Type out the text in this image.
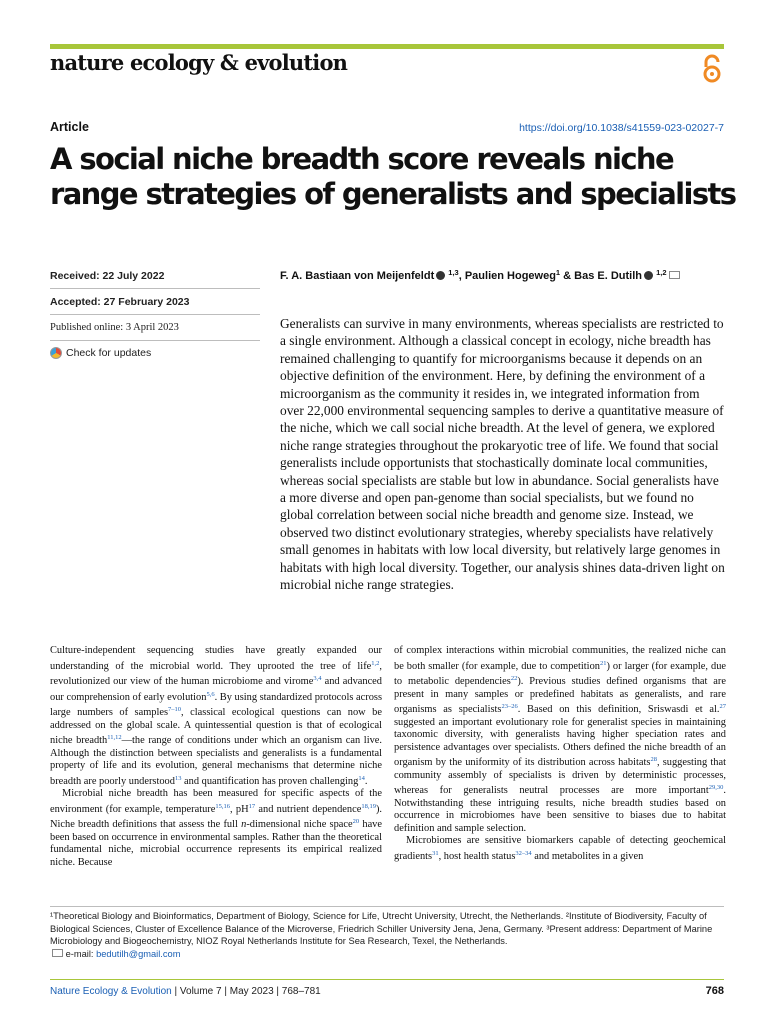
nature ecology & evolution
Article	https://doi.org/10.1038/s41559-023-02027-7
A social niche breadth score reveals niche range strategies of generalists and specialists
Received: 22 July 2022
Accepted: 27 February 2023
Published online: 3 April 2023
Check for updates
F. A. Bastiaan von Meijenfeldt $^{1,3}$, Paulien Hogeweg$^1$ & Bas E. Dutilh $^{1,2}$

Generalists can survive in many environments, whereas specialists are restricted to a single environment. Although a classical concept in ecology, niche breadth has remained challenging to quantify for microorganisms because it depends on an objective definition of the environment. Here, by defining the environment of a microorganism as the community it resides in, we integrated information from over 22,000 environmental sequencing samples to derive a quantitative measure of the niche, which we call social niche breadth. At the level of genera, we explored niche range strategies throughout the prokaryotic tree of life. We found that social generalists include opportunists that stochastically dominate local communities, whereas social specialists are stable but low in abundance. Social generalists have a more diverse and open pan-genome than social specialists, but we found no global correlation between social niche breadth and genome size. Instead, we observed two distinct evolutionary strategies, whereby specialists have relatively small genomes in habitats with low local diversity, but relatively large genomes in habitats with high local diversity. Together, our analysis shines data-driven light on microbial niche range strategies.

Culture-independent sequencing studies have greatly expanded our understanding of the microbial world. They uprooted the tree of life$^{1,2}$, revolutionized our view of the human microbiome and virome$^{3,4}$ and advanced our comprehension of early evolution$^{5,6}$. By using standardized protocols across large numbers of samples$^{7-10}$, classical ecological questions can now be addressed on the global scale. A quintessential question is that of ecological niche breadth$^{11,12}$—the range of conditions under which an organism can live. Although the distinction between specialists and generalists is a fundamental property of life and its evolution, general mechanisms that determine niche breadth are poorly understood$^{13}$ and quantification has proven challenging$^{14}$.

Microbial niche breadth has been measured for specific aspects of the environment (for example, temperature$^{15,16}$, pH$^{17}$ and nutrient dependence$^{18,19}$). Niche breadth definitions that assess the full n-dimensional niche space$^{20}$ have been based on occurrence in environmental samples. Rather than the theoretical fundamental niche, microbial occurrence represents its empirical realized niche. Because

of complex interactions within microbial communities, the realized niche can be both smaller (for example, due to competition$^{21}$) or larger (for example, due to metabolic dependencies$^{22}$). Previous studies defined organisms that are present in many samples or predefined habitats as generalists, and rare organisms as specialists$^{23-26}$. Based on this definition, Sriswasdi et al.$^{27}$ suggested an important evolutionary role for generalist species in maintaining taxonomic diversity, with generalists having higher speciation rates and persistence advantages over specialists. Others defined the niche breadth of an organism by the uniformity of its distribution across habitats$^{28}$, suggesting that community assembly of specialists is driven by deterministic processes, whereas for generalists neutral processes are more important$^{29,30}$. Notwithstanding these intriguing results, niche breadth studies based on occurrence in microbiomes have been sensitive to biases due to habitat definition and sample selection.

Microbiomes are sensitive biomarkers capable of detecting geochemical gradients$^{31}$, host health status$^{32-34}$ and metabolites in a given

¹Theoretical Biology and Bioinformatics, Department of Biology, Science for Life, Utrecht University, Utrecht, the Netherlands. ²Institute of Biodiversity, Faculty of Biological Sciences, Cluster of Excellence Balance of the Microverse, Friedrich Schiller University Jena, Jena, Germany. ³Present address: Department of Marine Microbiology and Biogeochemistry, NIOZ Royal Netherlands Institute for Sea Research, Texel, the Netherlands.
e-mail: bedutilh@gmail.com
Nature Ecology & Evolution | Volume 7 | May 2023 | 768–781	768
